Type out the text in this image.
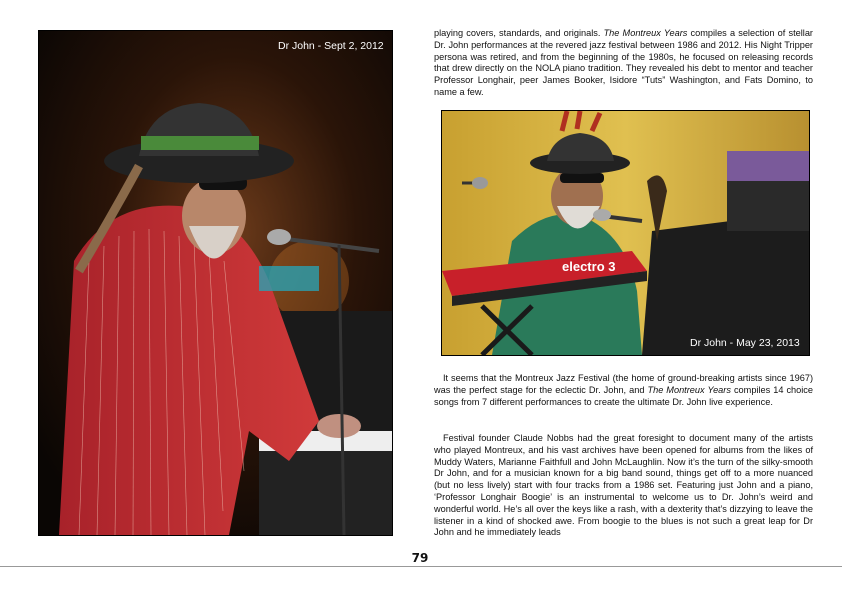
Dr John - Sept 2, 2012
electro 3
Dr John - May 23, 2013

playing covers, standards, and originals. The Montreux Years compiles a selection of stellar Dr. John performances at the revered jazz festival between 1986 and 2012. His Night Tripper persona was retired, and from the beginning of the 1980s, he focused on releasing records that drew directly on the NOLA piano tradition. They revealed his debt to mentor and teacher Professor Longhair, peer James Booker, Isidore “Tuts” Washington, and Fats Domino, to name a few.

It seems that the Montreux Jazz Festival (the home of ground-breaking artists since 1967) was the perfect stage for the eclectic Dr. John, and The Montreux Years compiles 14 choice songs from 7 different performances to create the ultimate Dr. John live experience.

Festival founder Claude Nobbs had the great foresight to document many of the artists who played Montreux, and his vast archives have been opened for albums from the likes of Muddy Waters, Marianne Faithfull and John McLaughlin. Now it’s the turn of the silky-smooth Dr John, and for a musician known for a big band sound, things get off to a more nuanced (but no less lively) start with four tracks from a 1986 set. Featuring just John and a piano, ‘Professor Longhair Boogie’ is an instrumental to welcome us to Dr. John’s weird and wonderful world. He’s all over the keys like a rash, with a dexterity that’s dizzying to leave the listener in a kind of shocked awe. From boogie to the blues is not such a great leap for Dr John and he immediately leads

79
